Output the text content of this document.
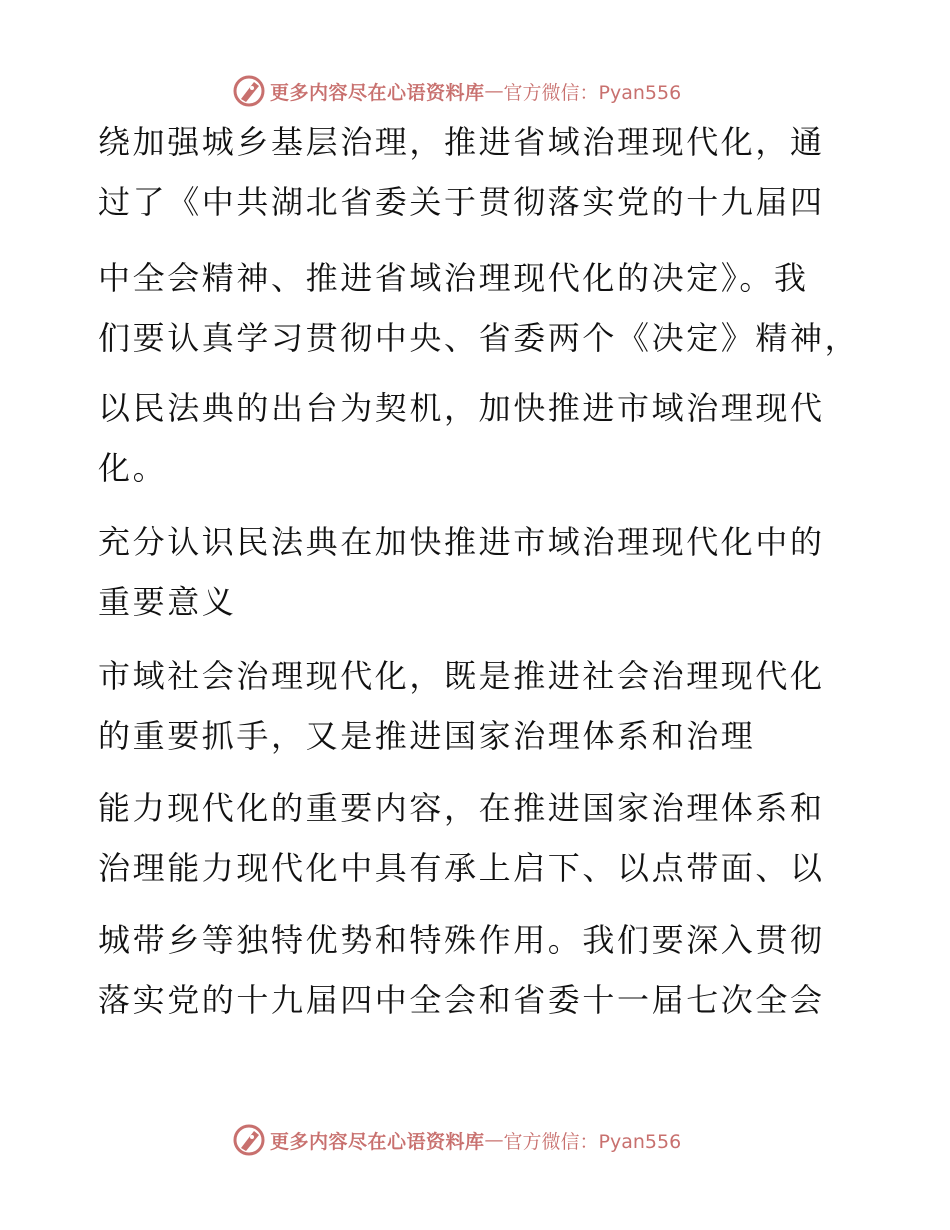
更多内容尽在心语资料库 — 官方微信：Pyan556
绕加强城乡基层治理，推进省域治理现代化，通
过了《中共湖北省委关于贯彻落实党的十九届四
中全会精神、推进省域治理现代化的决定》。我
们要认真学习贯彻中央、省委两个《决定》精神，
以民法典的出台为契机，加快推进市域治理现代
化。
充分认识民法典在加快推进市域治理现代化中的
重要意义
市域社会治理现代化，既是推进社会治理现代化
的重要抓手，又是推进国家治理体系和治理
能力现代化的重要内容，在推进国家治理体系和
治理能力现代化中具有承上启下、以点带面、以
城带乡等独特优势和特殊作用。我们要深入贯彻
落实党的十九届四中全会和省委十一届七次全会
更多内容尽在心语资料库 — 官方微信：Pyan556
